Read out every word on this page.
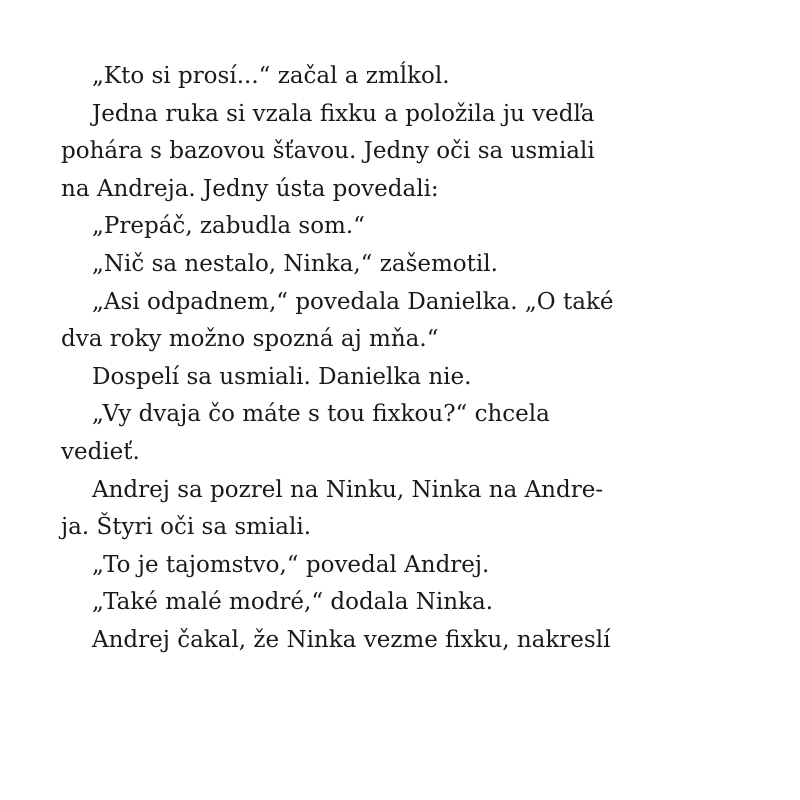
„Kto si prosí...“ začal a zmĺkol.
Jedna ruka si vzala fixku a položila ju vedľa
pohára s bazovou šťavou. Jedny oči sa usmiali
na Andreja. Jedny ústa povedali:
„Prepáč, zabudla som.“
„Nič sa nestalo, Ninka,“ zašemotil.
„Asi odpadnem,“ povedala Danielka. „O také
dva roky možno spozná aj mňa.“
Dospelí sa usmiali. Danielka nie.
„Vy dvaja čo máte s tou fixkou?“ chcela
vedieť.
Andrej sa pozrel na Ninku, Ninka na Andre-
ja. Štyri oči sa smiali.
„To je tajomstvo,“ povedal Andrej.
„Také malé modré,“ dodala Ninka.
Andrej čakal, že Ninka vezme fixku, nakreslí
